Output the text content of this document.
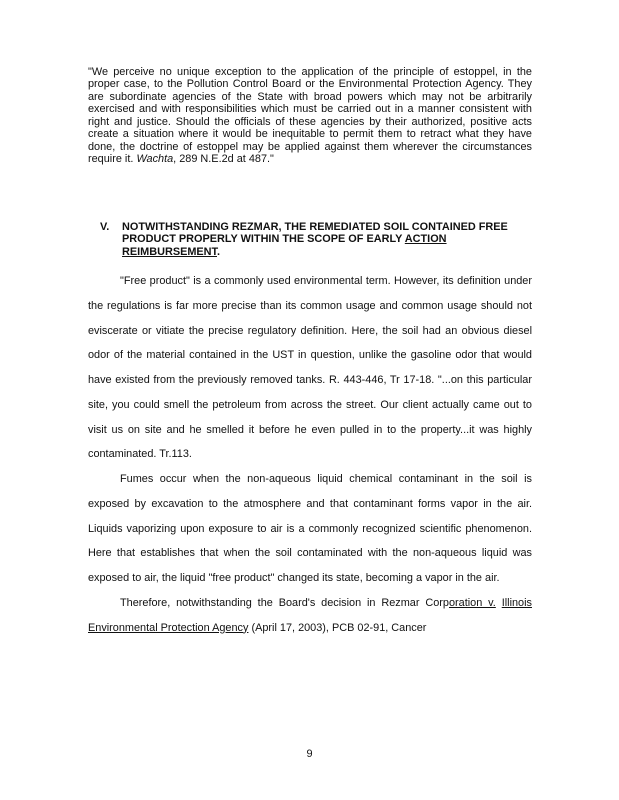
"We perceive no unique exception to the application of the principle of estoppel, in the proper case, to the Pollution Control Board or the Environmental Protection Agency. They are subordinate agencies of the State with broad powers which may not be arbitrarily exercised and with responsibilities which must be carried out in a manner consistent with right and justice. Should the officials of these agencies by their authorized, positive acts create a situation where it would be inequitable to permit them to retract what they have done, the doctrine of estoppel may be applied against them wherever the circumstances require it. Wachta, 289 N.E.2d at 487."

V. NOTWITHSTANDING REZMAR, THE REMEDIATED SOIL CONTAINED FREE PRODUCT PROPERLY WITHIN THE SCOPE OF EARLY ACTION REIMBURSEMENT.

"Free product" is a commonly used environmental term. However, its definition under the regulations is far more precise than its common usage and common usage should not eviscerate or vitiate the precise regulatory definition. Here, the soil had an obvious diesel odor of the material contained in the UST in question, unlike the gasoline odor that would have existed from the previously removed tanks. R. 443-446, Tr 17-18. "...on this particular site, you could smell the petroleum from across the street. Our client actually came out to visit us on site and he smelled it before he even pulled in to the property...it was highly contaminated. Tr.113.

Fumes occur when the non-aqueous liquid chemical contaminant in the soil is exposed by excavation to the atmosphere and that contaminant forms vapor in the air. Liquids vaporizing upon exposure to air is a commonly recognized scientific phenomenon. Here that establishes that when the soil contaminated with the non-aqueous liquid was exposed to air, the liquid "free product" changed its state, becoming a vapor in the air.

Therefore, notwithstanding the Board's decision in Rezmar Corporation v. Illinois Environmental Protection Agency (April 17, 2003), PCB 02-91, Cancer

9
